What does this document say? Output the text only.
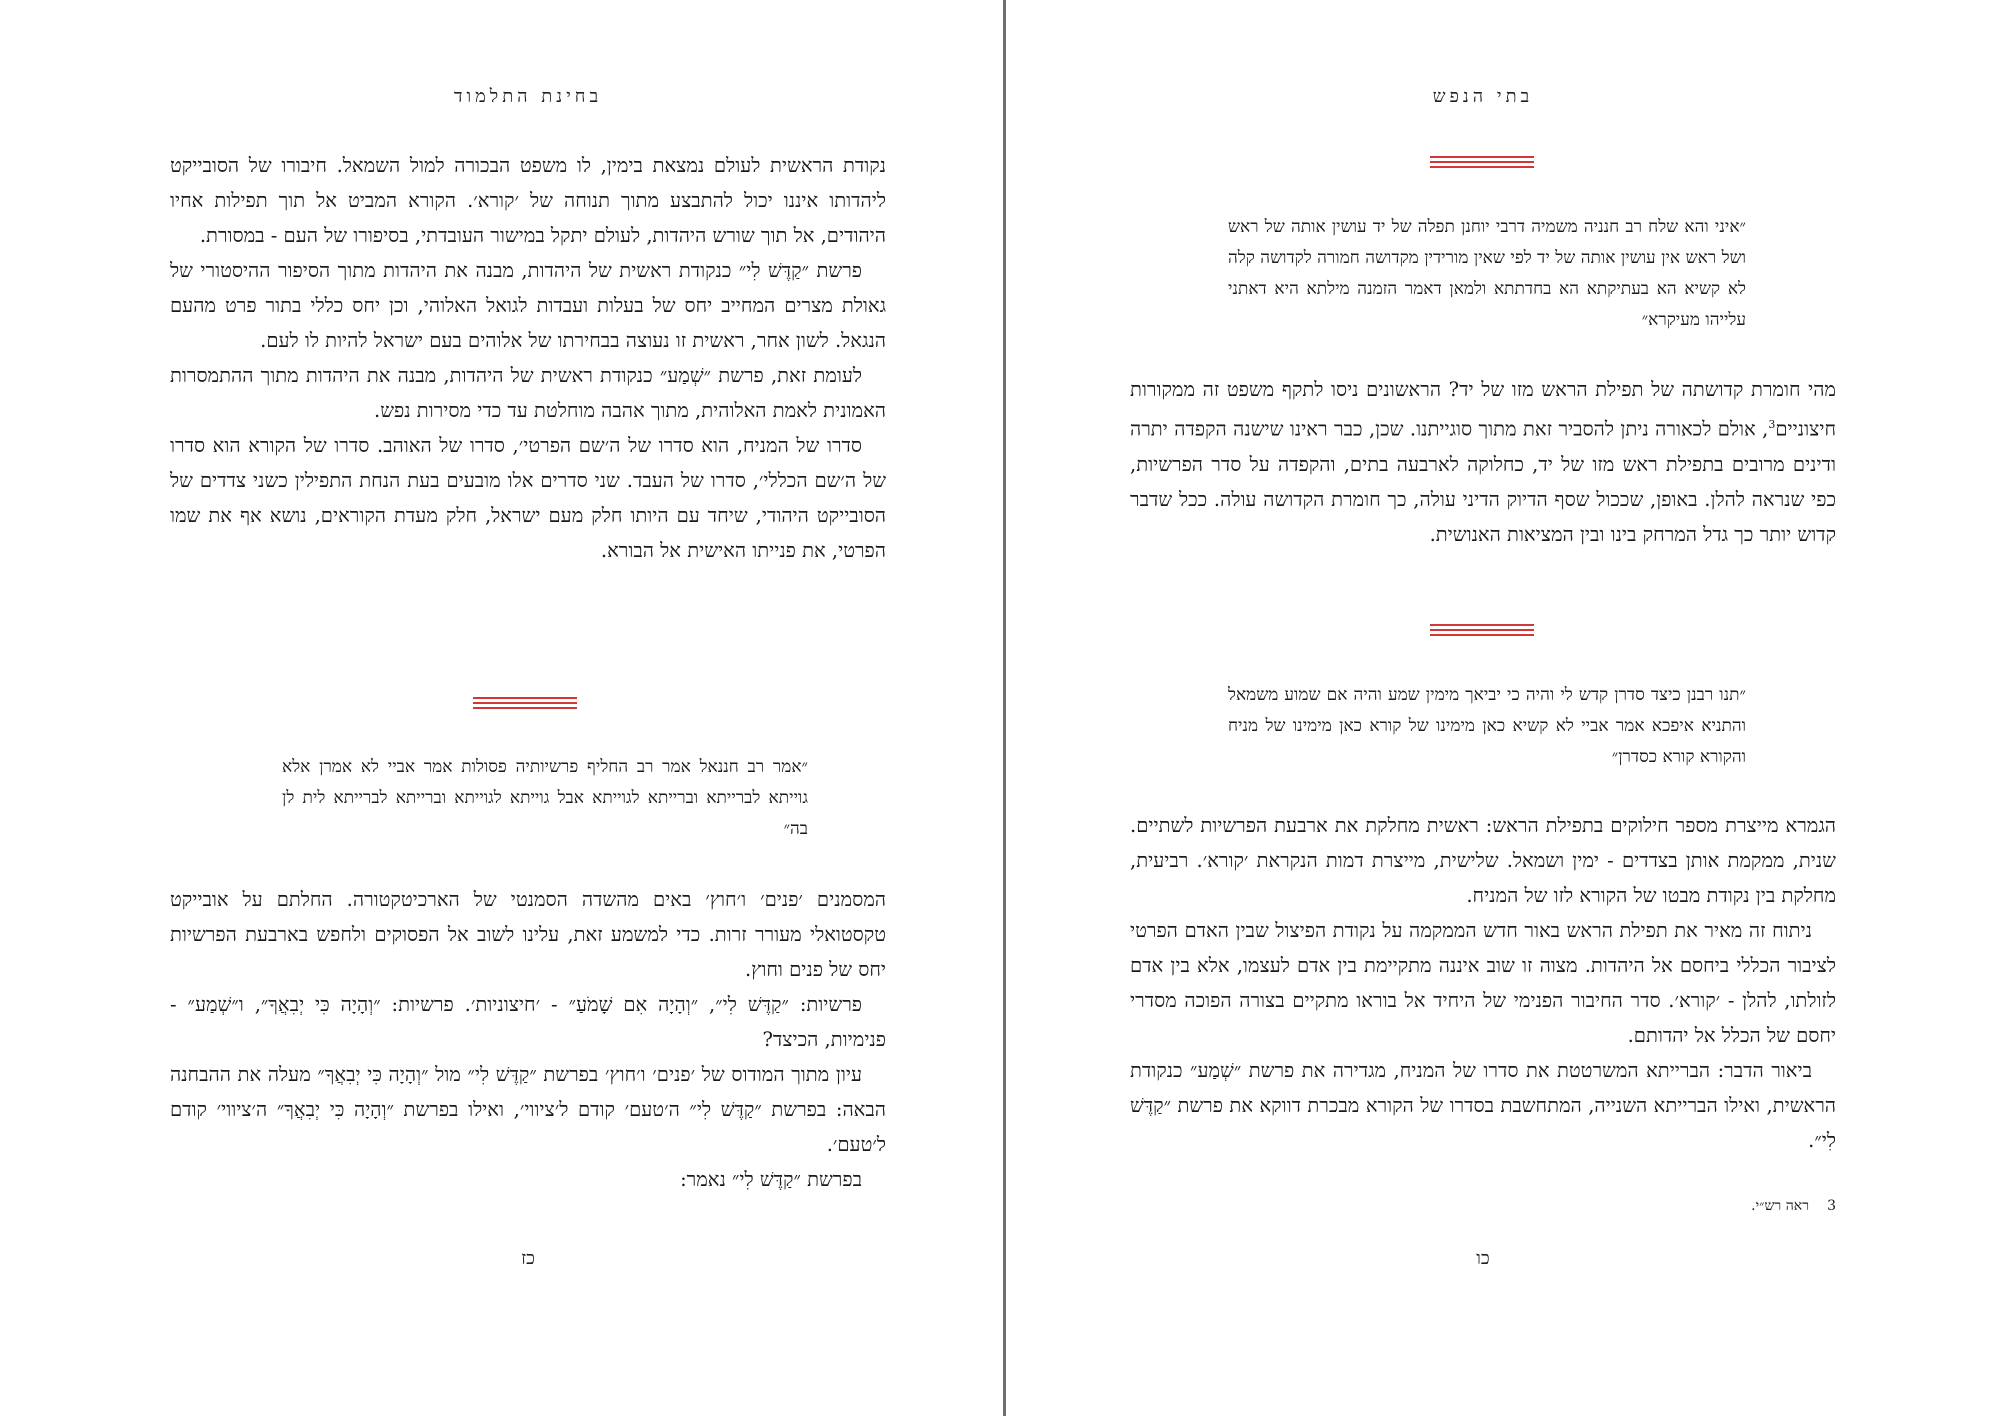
בחינת התלמוד

נקודת הראשית לעולם נמצאת בימין, לו משפט הבכורה למול השמאל. חיבורו של הסובייקט ליהדותו איננו יכול להתבצע מתוך תנוחה של ׳קורא׳. הקורא המביט אל תוך תפילות אחיו היהודים, אל תוך שורש היהדות, לעולם יתקל במישור העובדתי, בסיפורו של העם - במסורת.
פרשת ״קַדֶּשׁ לִי״ כנקודת ראשית של היהדות, מבנה את היהדות מתוך הסיפור ההיסטורי של גאולת מצרים המחייב יחס של בעלות ועבדות לגואל האלוהי, וכן יחס כללי בתור פרט מהעם הנגאל. לשון אחר, ראשית זו נעוצה בבחירתו של אלוהים בעם ישראל להיות לו לעם.
לעומת זאת, פרשת ״שְׁמַע״ כנקודת ראשית של היהדות, מבנה את היהדות מתוך ההתמסרות האמונית לאמת האלוהית, מתוך אהבה מוחלטת עד כדי מסירות נפש.
סדרו של המניח, הוא סדרו של ה׳שם הפרטי׳, סדרו של האוהב. סדרו של הקורא הוא סדרו של ה׳שם הכללי׳, סדרו של העבד. שני סדרים אלו מובעים בעת הנחת התפילין כשני צדדים של הסובייקט היהודי, שיחד עם היותו חלק מעם ישראל, חלק מעדת הקוראים, נושא אף את שמו הפרטי, את פנייתו האישית אל הבורא.

״אמר רב חננאל אמר רב החליף פרשיותיה פסולות אמר אביי לא אמרן אלא גוייתא לברייתא וברייתא לגוייתא אבל גוייתא לגוייתא וברייתא לברייתא לית לן בה״

המסמנים ׳פנים׳ ו׳חוץ׳ באים מהשדה הסמנטי של הארכיטקטורה. החלתם על אובייקט טקסטואלי מעורר זרות. כדי למשמע זאת, עלינו לשוב אל הפסוקים ולחפש בארבעת הפרשיות יחס של פנים וחוץ.
פרשיות: ״קַדֶּשׁ לִי״, ״וְהָיָה אִם שָׁמֹעַ״ - ׳חיצוניות׳. פרשיות: ״וְהָיָה כִּי יְבִאֲךָ״, ו״שְׁמַע״ - פנימיות, הכיצד?
עיון מתוך המודוס של ׳פנים׳ ו׳חוץ׳ בפרשת ״קַדֶּשׁ לִי״ מול ״וְהָיָה כִּי יְבִאֲךָ״ מעלה את ההבחנה הבאה: בפרשת ״קַדֶּשׁ לִי״ ה׳טעם׳ קודם ל׳ציווי׳, ואילו בפרשת ״וְהָיָה כִּי יְבִאֲךָ״ ה׳ציווי׳ קודם ל׳טעם׳.
בפרשת ״קַדֶּשׁ לִי״ נאמר:

כז
בתי הנפש
״איני והא שלח רב חנניה משמיה דרבי יוחנן תפלה של יד עושין אותה של ראש ושל ראש אין עושין אותה של יד לפי שאין מורידין מקדושה חמורה לקדושה קלה לא קשיא הא בעתיקתא הא בחדתתא ולמאן דאמר הזמנה מילתא היא דאתני עלייהו מעיקרא״

מהי חומרת קדושתה של תפילת הראש מזו של יד? הראשונים ניסו לתקף משפט זה ממקורות חיצוניים$^3$, אולם לכאורה ניתן להסביר זאת מתוך סוגייתנו. שכן, כבר ראינו שישנה הקפדה יתרה ודינים מרובים בתפילת ראש מזו של יד, כחלוקה לארבעה בתים, והקפדה על סדר הפרשיות, כפי שנראה להלן. באופן, שככול שסף הדיוק הדיני עולה, כך חומרת הקדושה עולה. ככל שדבר קדוש יותר כך גדל המרחק בינו ובין המציאות האנושית.

״תנו רבנן כיצד סדרן קדש לי והיה כי יביאך מימין שמע והיה אם שמוע משמאל והתניא איפכא אמר אביי לא קשיא כאן מימינו של קורא כאן מימינו של מניח והקורא קורא כסדרן״

הגמרא מייצרת מספר חילוקים בתפילת הראש: ראשית מחלקת את ארבעת הפרשיות לשתיים. שנית, ממקמת אותן בצדדים - ימין ושמאל. שלישית, מייצרת דמות הנקראת ׳קורא׳. רביעית, מחלקת בין נקודת מבטו של הקורא לזו של המניח.
ניתוח זה מאיר את תפילת הראש באור חדש הממקמה על נקודת הפיצול שבין האדם הפרטי לציבור הכללי ביחסם אל היהדות. מצוה זו שוב איננה מתקיימת בין אדם לעצמו, אלא בין אדם לזולתו, להלן - ׳קורא׳. סדר החיבור הפנימי של היחיד אל בוראו מתקיים בצורה הפוכה מסדרי יחסם של הכלל אל יהדותם.
ביאור הדבר: הברייתא המשרטטת את סדרו של המניח, מגדירה את פרשת ״שְׁמַע״ כנקודת הראשית, ואילו הברייתא השנייה, המתחשבת בסדרו של הקורא מבכרת דווקא את פרשת ״קַדֶּשׁ לִי״.

3ראה רש״י.
כו
